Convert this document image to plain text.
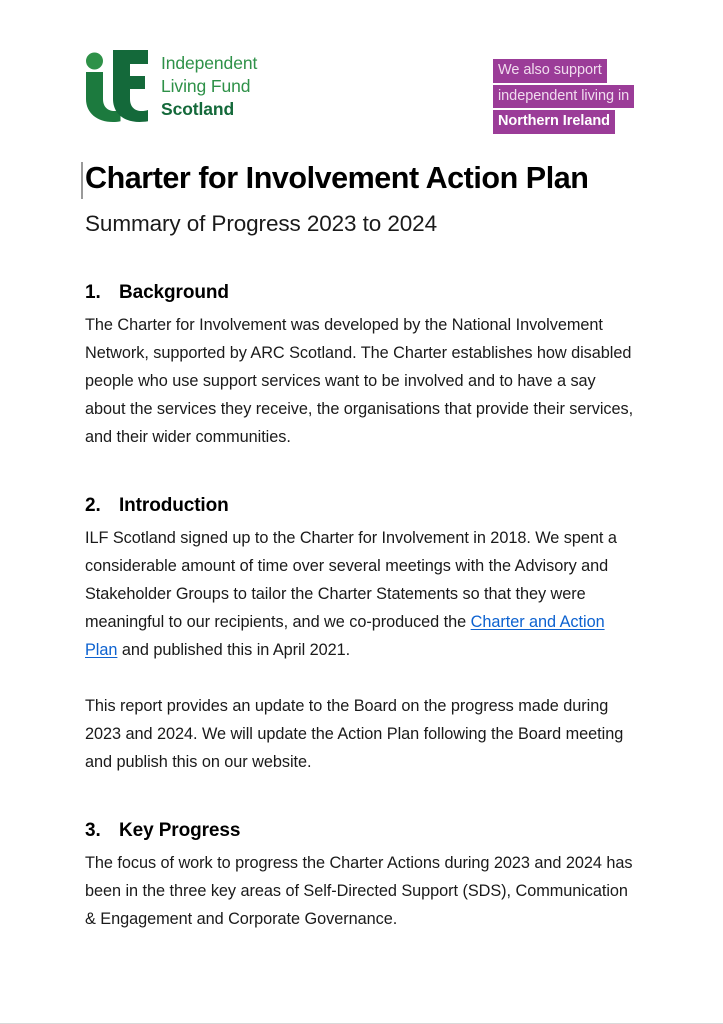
Independent
Living Fund
Scotland
We also support
independent living in
Northern Ireland
Charter for Involvement Action Plan
Summary of Progress 2023 to 2024
1. Background

The Charter for Involvement was developed by the National Involvement Network, supported by ARC Scotland. The Charter establishes how disabled people who use support services want to be involved and to have a say about the services they receive, the organisations that provide their services, and their wider communities.

2. Introduction

ILF Scotland signed up to the Charter for Involvement in 2018. We spent a considerable amount of time over several meetings with the Advisory and Stakeholder Groups to tailor the Charter Statements so that they were meaningful to our recipients, and we co-produced the Charter and Action Plan and published this in April 2021.

This report provides an update to the Board on the progress made during 2023 and 2024. We will update the Action Plan following the Board meeting and publish this on our website.

3. Key Progress

The focus of work to progress the Charter Actions during 2023 and 2024 has been in the three key areas of Self-Directed Support (SDS), Communication & Engagement and Corporate Governance.
